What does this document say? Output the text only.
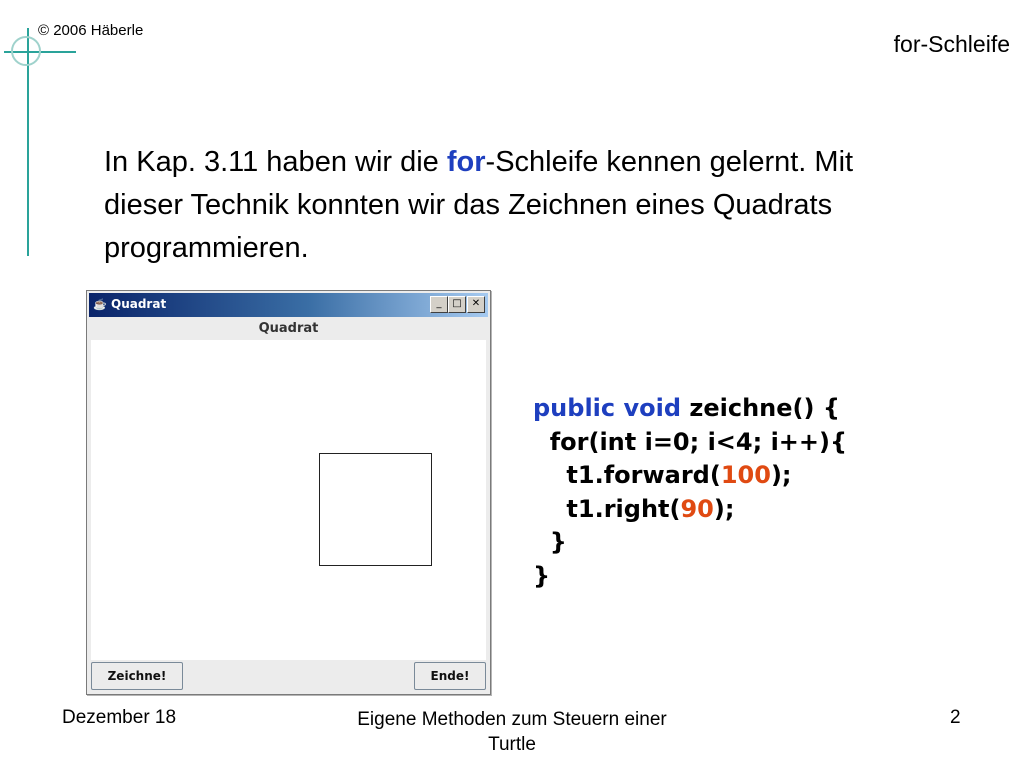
© 2006 Häberle
for-Schleife
In Kap. 3.11 haben wir die for-Schleife kennen gelernt. Mit dieser Technik konnten wir das Zeichnen eines Quadrats programmieren.
☕ Quadrat	_	□	✕
Quadrat
Zeichne!	Ende!
public void zeichne() {
for(int i=0; i<4; i++){
t1.forward(100);
t1.right(90);
}
}
Dezember 18	Eigene Methoden zum Steuern einer Turtle
2
